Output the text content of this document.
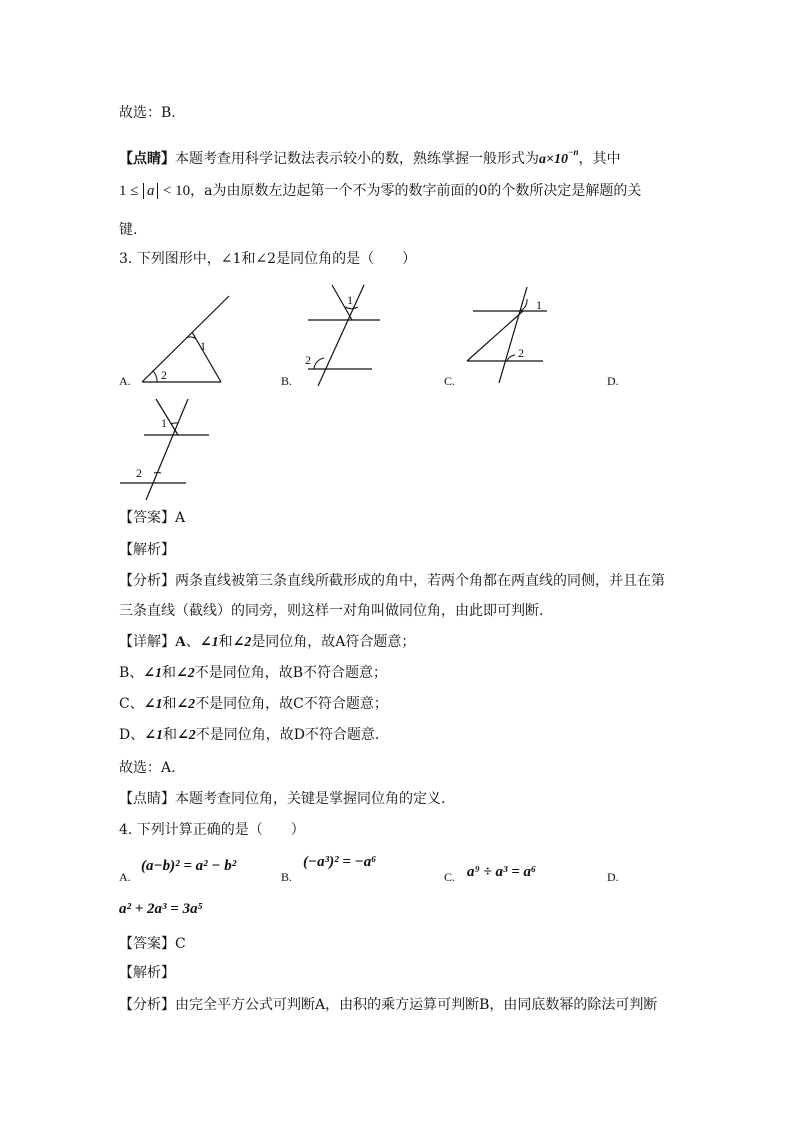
故选：B.
【点睛】本题考查用科学记数法表示较小的数，熟练掌握一般形式为$a\times 10^{-n}$，其中
1 ≤ a < 10，a为由原数左边起第一个不为零的数字前面的0的个数所决定是解题的关
键.
3. 下列图形中，∠1和∠2是同位角的是（　　）
1
2
A.
1
2
B.
1
2
C.	D.
1
2
【答案】A
【解析】
【分析】两条直线被第三条直线所截形成的角中，若两个角都在两直线的同侧，并且在第
三条直线（截线）的同旁，则这样一对角叫做同位角，由此即可判断.
【详解】A、∠1和∠2是同位角，故A符合题意；
B、∠1和∠2不是同位角，故B不符合题意；
C、∠1和∠2不是同位角，故C不符合题意；
D、∠1和∠2不是同位角，故D不符合题意.
故选：A.
【点睛】本题考查同位角，关键是掌握同位角的定义.
4. 下列计算正确的是（　　）
A.
(a−b)² = a² − b²
B.
(−a³)² = −a⁶
C. a⁹ ÷ a³ = a⁶	D.
a² + 2a³ = 3a⁵
【答案】C
【解析】
【分析】由完全平方公式可判断A，由积的乘方运算可判断B，由同底数幂的除法可判断
